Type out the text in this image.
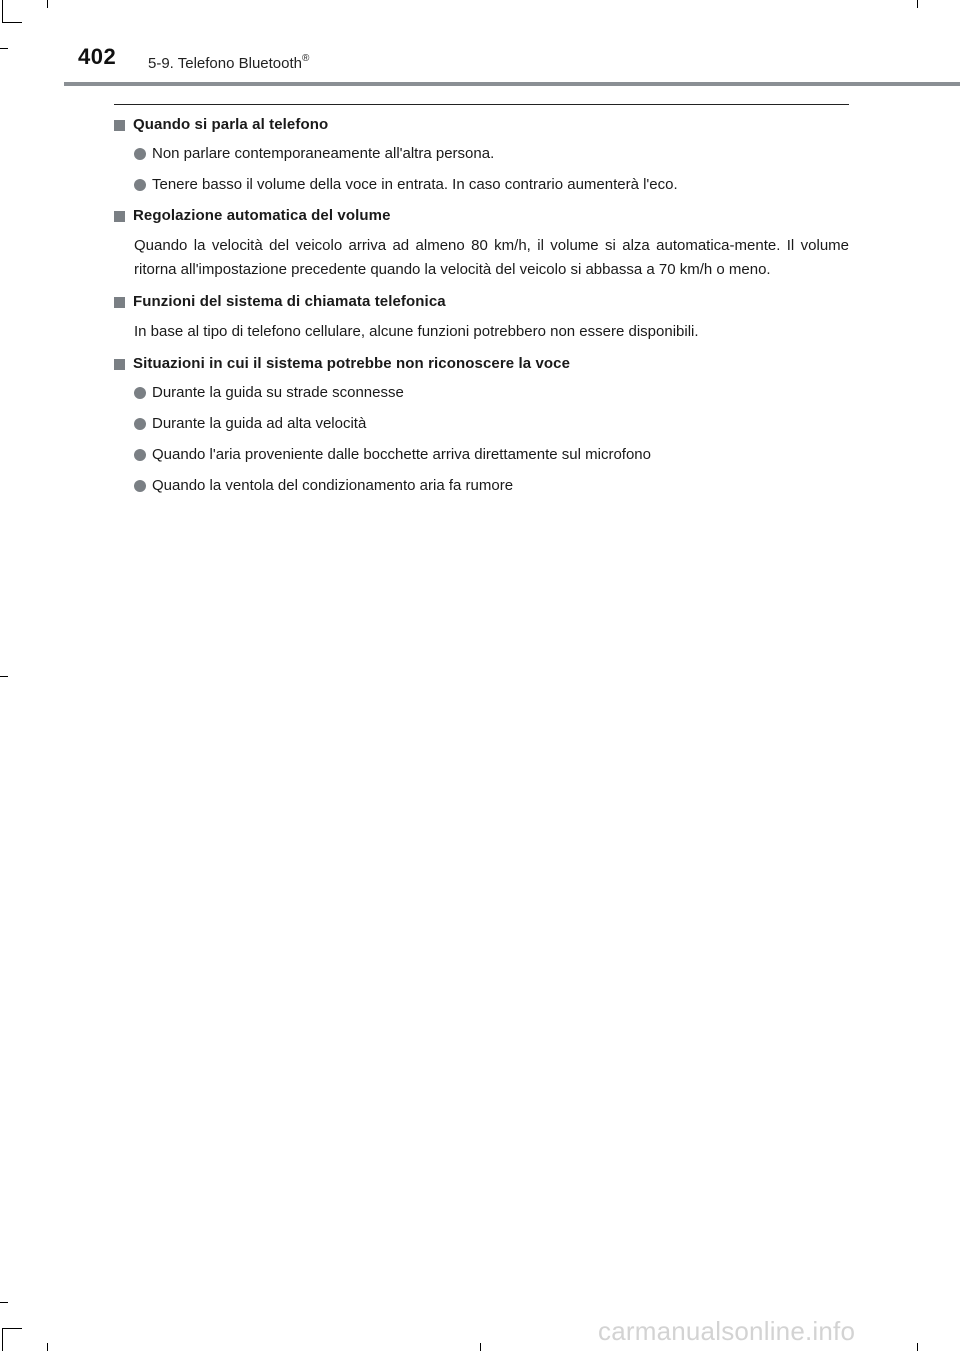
402 5-9. Telefono Bluetooth®
Quando si parla al telefono
Non parlare contemporaneamente all'altra persona.
Tenere basso il volume della voce in entrata. In caso contrario aumenterà l'eco.
Regolazione automatica del volume
Quando la velocità del veicolo arriva ad almeno 80 km/h, il volume si alza automatica-mente. Il volume ritorna all'impostazione precedente quando la velocità del veicolo si abbassa a 70 km/h o meno.
Funzioni del sistema di chiamata telefonica
In base al tipo di telefono cellulare, alcune funzioni potrebbero non essere disponibili.
Situazioni in cui il sistema potrebbe non riconoscere la voce
Durante la guida su strade sconnesse
Durante la guida ad alta velocità
Quando l'aria proveniente dalle bocchette arriva direttamente sul microfono
Quando la ventola del condizionamento aria fa rumore
carmanualsonline.info
